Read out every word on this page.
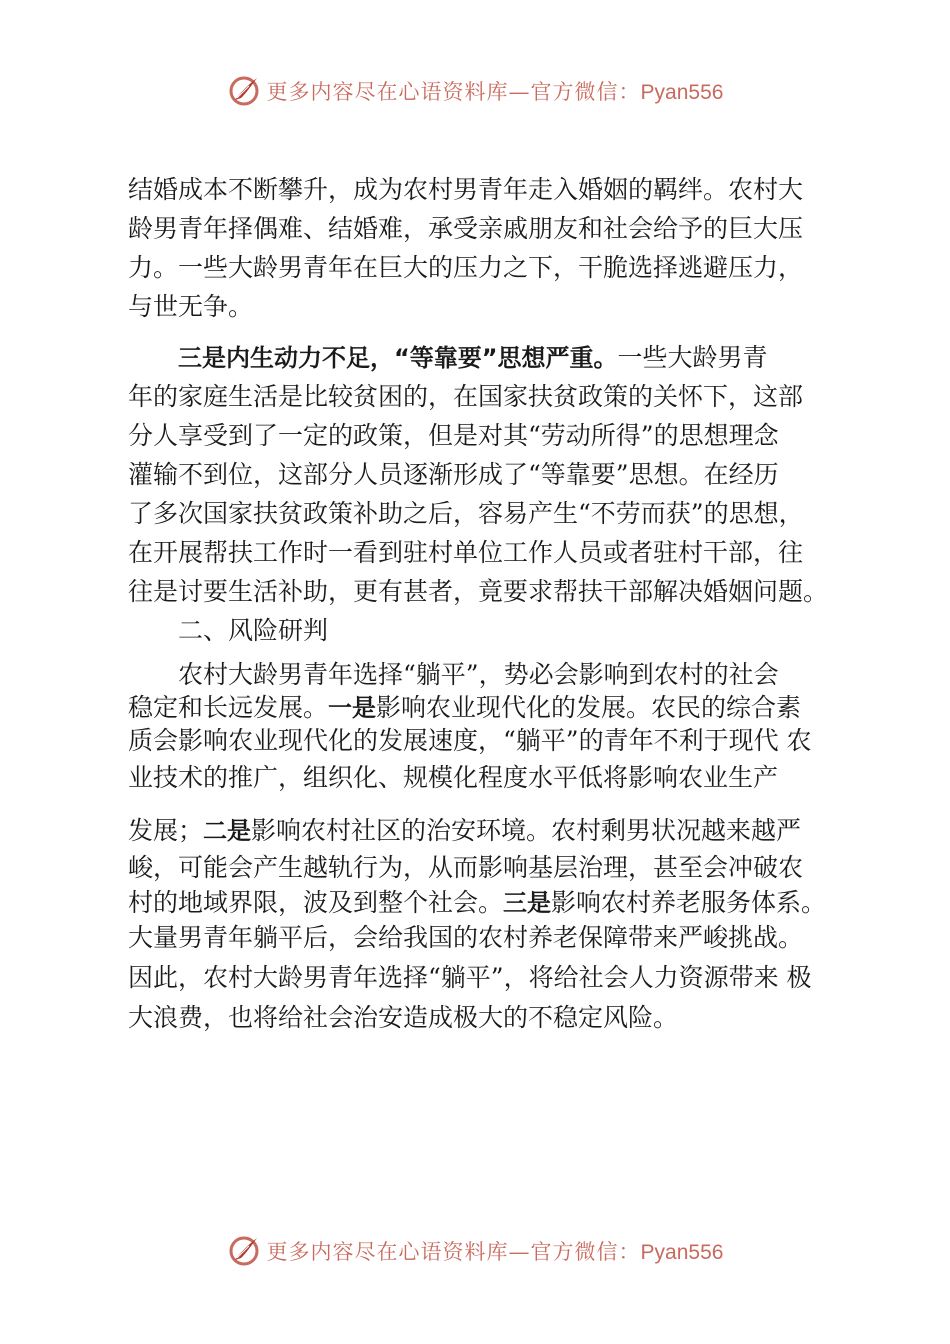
更多内容尽在心语资料库—官方微信：Pyan556
结婚成本不断攀升，成为农村男青年走入婚姻的羁绊。农村大
龄男青年择偶难、结婚难，承受亲戚朋友和社会给予的巨大压
力。一些大龄男青年在巨大的压力之下，干脆选择逃避压力，
与世无争。
三是内生动力不足，“等靠要”思想严重。一些大龄男青
年的家庭生活是比较贫困的，在国家扶贫政策的关怀下，这部
分人享受到了一定的政策，但是对其“劳动所得”的思想理念
灌输不到位，这部分人员逐渐形成了“等靠要”思想。在经历
了多次国家扶贫政策补助之后，容易产生“不劳而获”的思想，
在开展帮扶工作时一看到驻村单位工作人员或者驻村干部，往
往是讨要生活补助，更有甚者，竟要求帮扶干部解决婚姻问题。
二、风险研判
农村大龄男青年选择“躺平”，势必会影响到农村的社会
稳定和长远发展。一是影响农业现代化的发展。农民的综合素
质会影响农业现代化的发展速度，“躺平”的青年不利于现代 农
业技术的推广，组织化、规模化程度水平低将影响农业生产
发展；二是影响农村社区的治安环境。农村剩男状况越来越严
峻，可能会产生越轨行为，从而影响基层治理，甚至会冲破农
村的地域界限，波及到整个社会。三是影响农村养老服务体系。
大量男青年躺平后，会给我国的农村养老保障带来严峻挑战。
因此，农村大龄男青年选择“躺平”，将给社会人力资源带来 极
大浪费，也将给社会治安造成极大的不稳定风险。
更多内容尽在心语资料库—官方微信：Pyan556
